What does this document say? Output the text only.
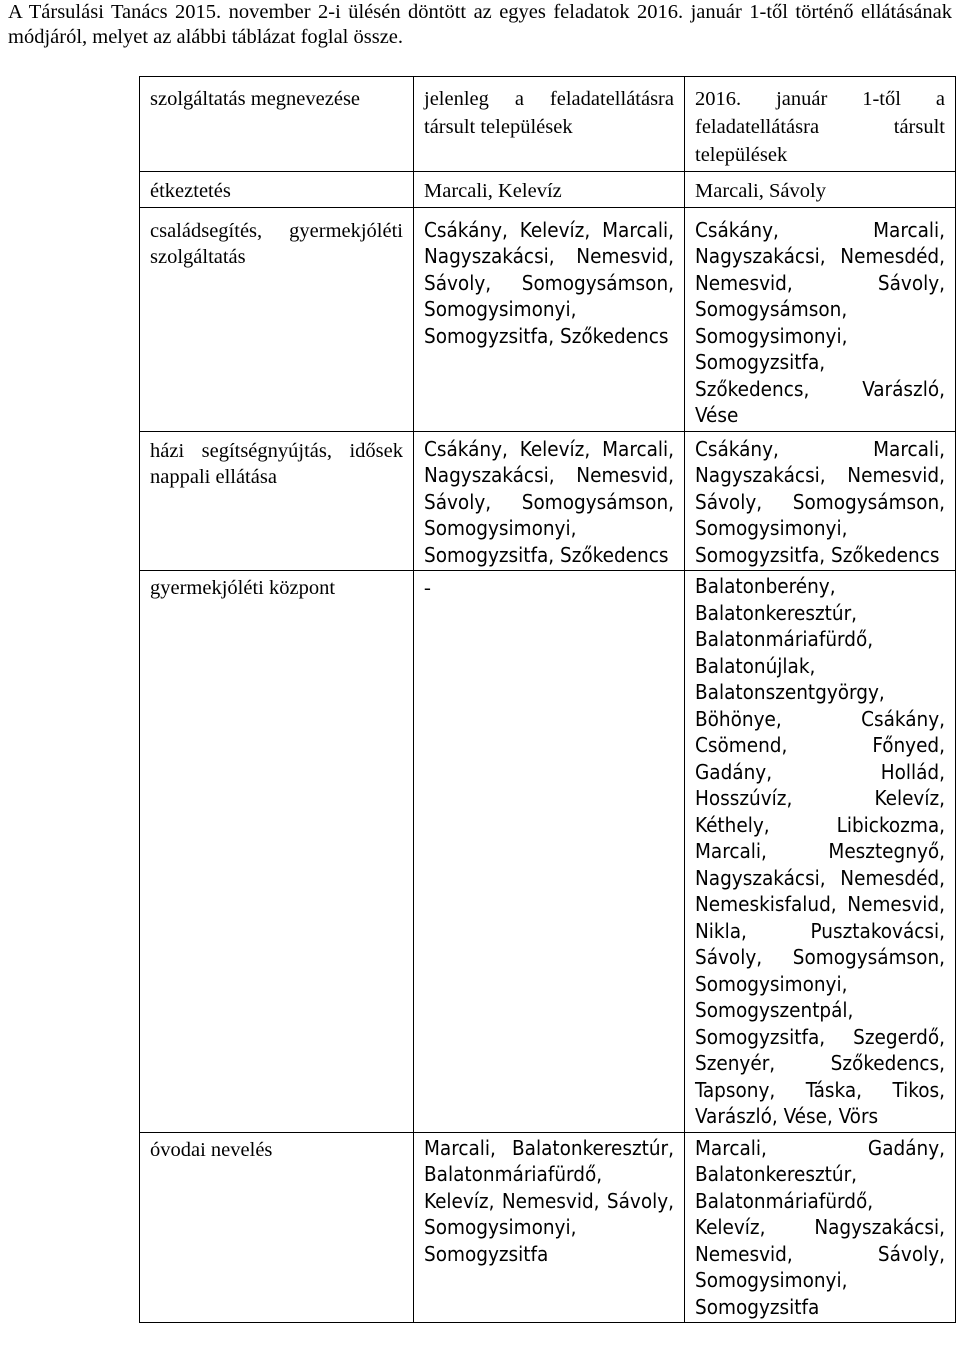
A Társulási Tanács 2015. november 2-i ülésén döntött az egyes feladatok 2016. január 1-től történő ellátásának módjáról, melyet az alábbi táblázat foglal össze.
szolgáltatás megnevezése	jelenleg a feladatellátásra társult települések	2016. január 1-től a feladatellátásra társult települések
étkeztetés	Marcali, Kelevíz	Marcali, Sávoly
családsegítés, gyermekjóléti szolgáltatás	Csákány, Kelevíz, Marcali, Nagyszakácsi, Nemesvid, Sávoly, Somogysámson, Somogysimonyi, Somogyzsitfa, Szőkedencs	Csákány, Marcali, Nagyszakácsi, Nemesdéd, Nemesvid, Sávoly, Somogysámson, Somogysimonyi, Somogyzsitfa, Szőkedencs, Varászló, Vése
házi segítségnyújtás, idősek nappali ellátása	Csákány, Kelevíz, Marcali, Nagyszakácsi, Nemesvid, Sávoly, Somogysámson, Somogysimonyi, Somogyzsitfa, Szőkedencs	Csákány, Marcali, Nagyszakácsi, Nemesvid, Sávoly, Somogysámson, Somogysimonyi, Somogyzsitfa, Szőkedencs
gyermekjóléti központ	-	Balatonberény, Balatonkeresztúr, Balatonmáriafürdő, Balatonújlak, Balatonszentgyörgy, Böhönye, Csákány, Csömend, Főnyed, Gadány, Hollád, Hosszúvíz, Kelevíz, Kéthely, Libickozma, Marcali, Mesztegnyő, Nagyszakácsi, Nemesdéd, Nemeskisfalud, Nemesvid, Nikla, Pusztakovácsi, Sávoly, Somogysámson, Somogysimonyi, Somogyszentpál, Somogyzsitfa, Szegerdő, Szenyér, Szőkedencs, Tapsony, Táska, Tikos, Varászló, Vése, Vörs
óvodai nevelés	Marcali, Balatonkeresztúr, Balatonmáriafürdő, Kelevíz, Nemesvid, Sávoly, Somogysimonyi, Somogyzsitfa	Marcali, Gadány, Balatonkeresztúr, Balatonmáriafürdő, Kelevíz, Nagyszakácsi, Nemesvid, Sávoly, Somogysimonyi, Somogyzsitfa
